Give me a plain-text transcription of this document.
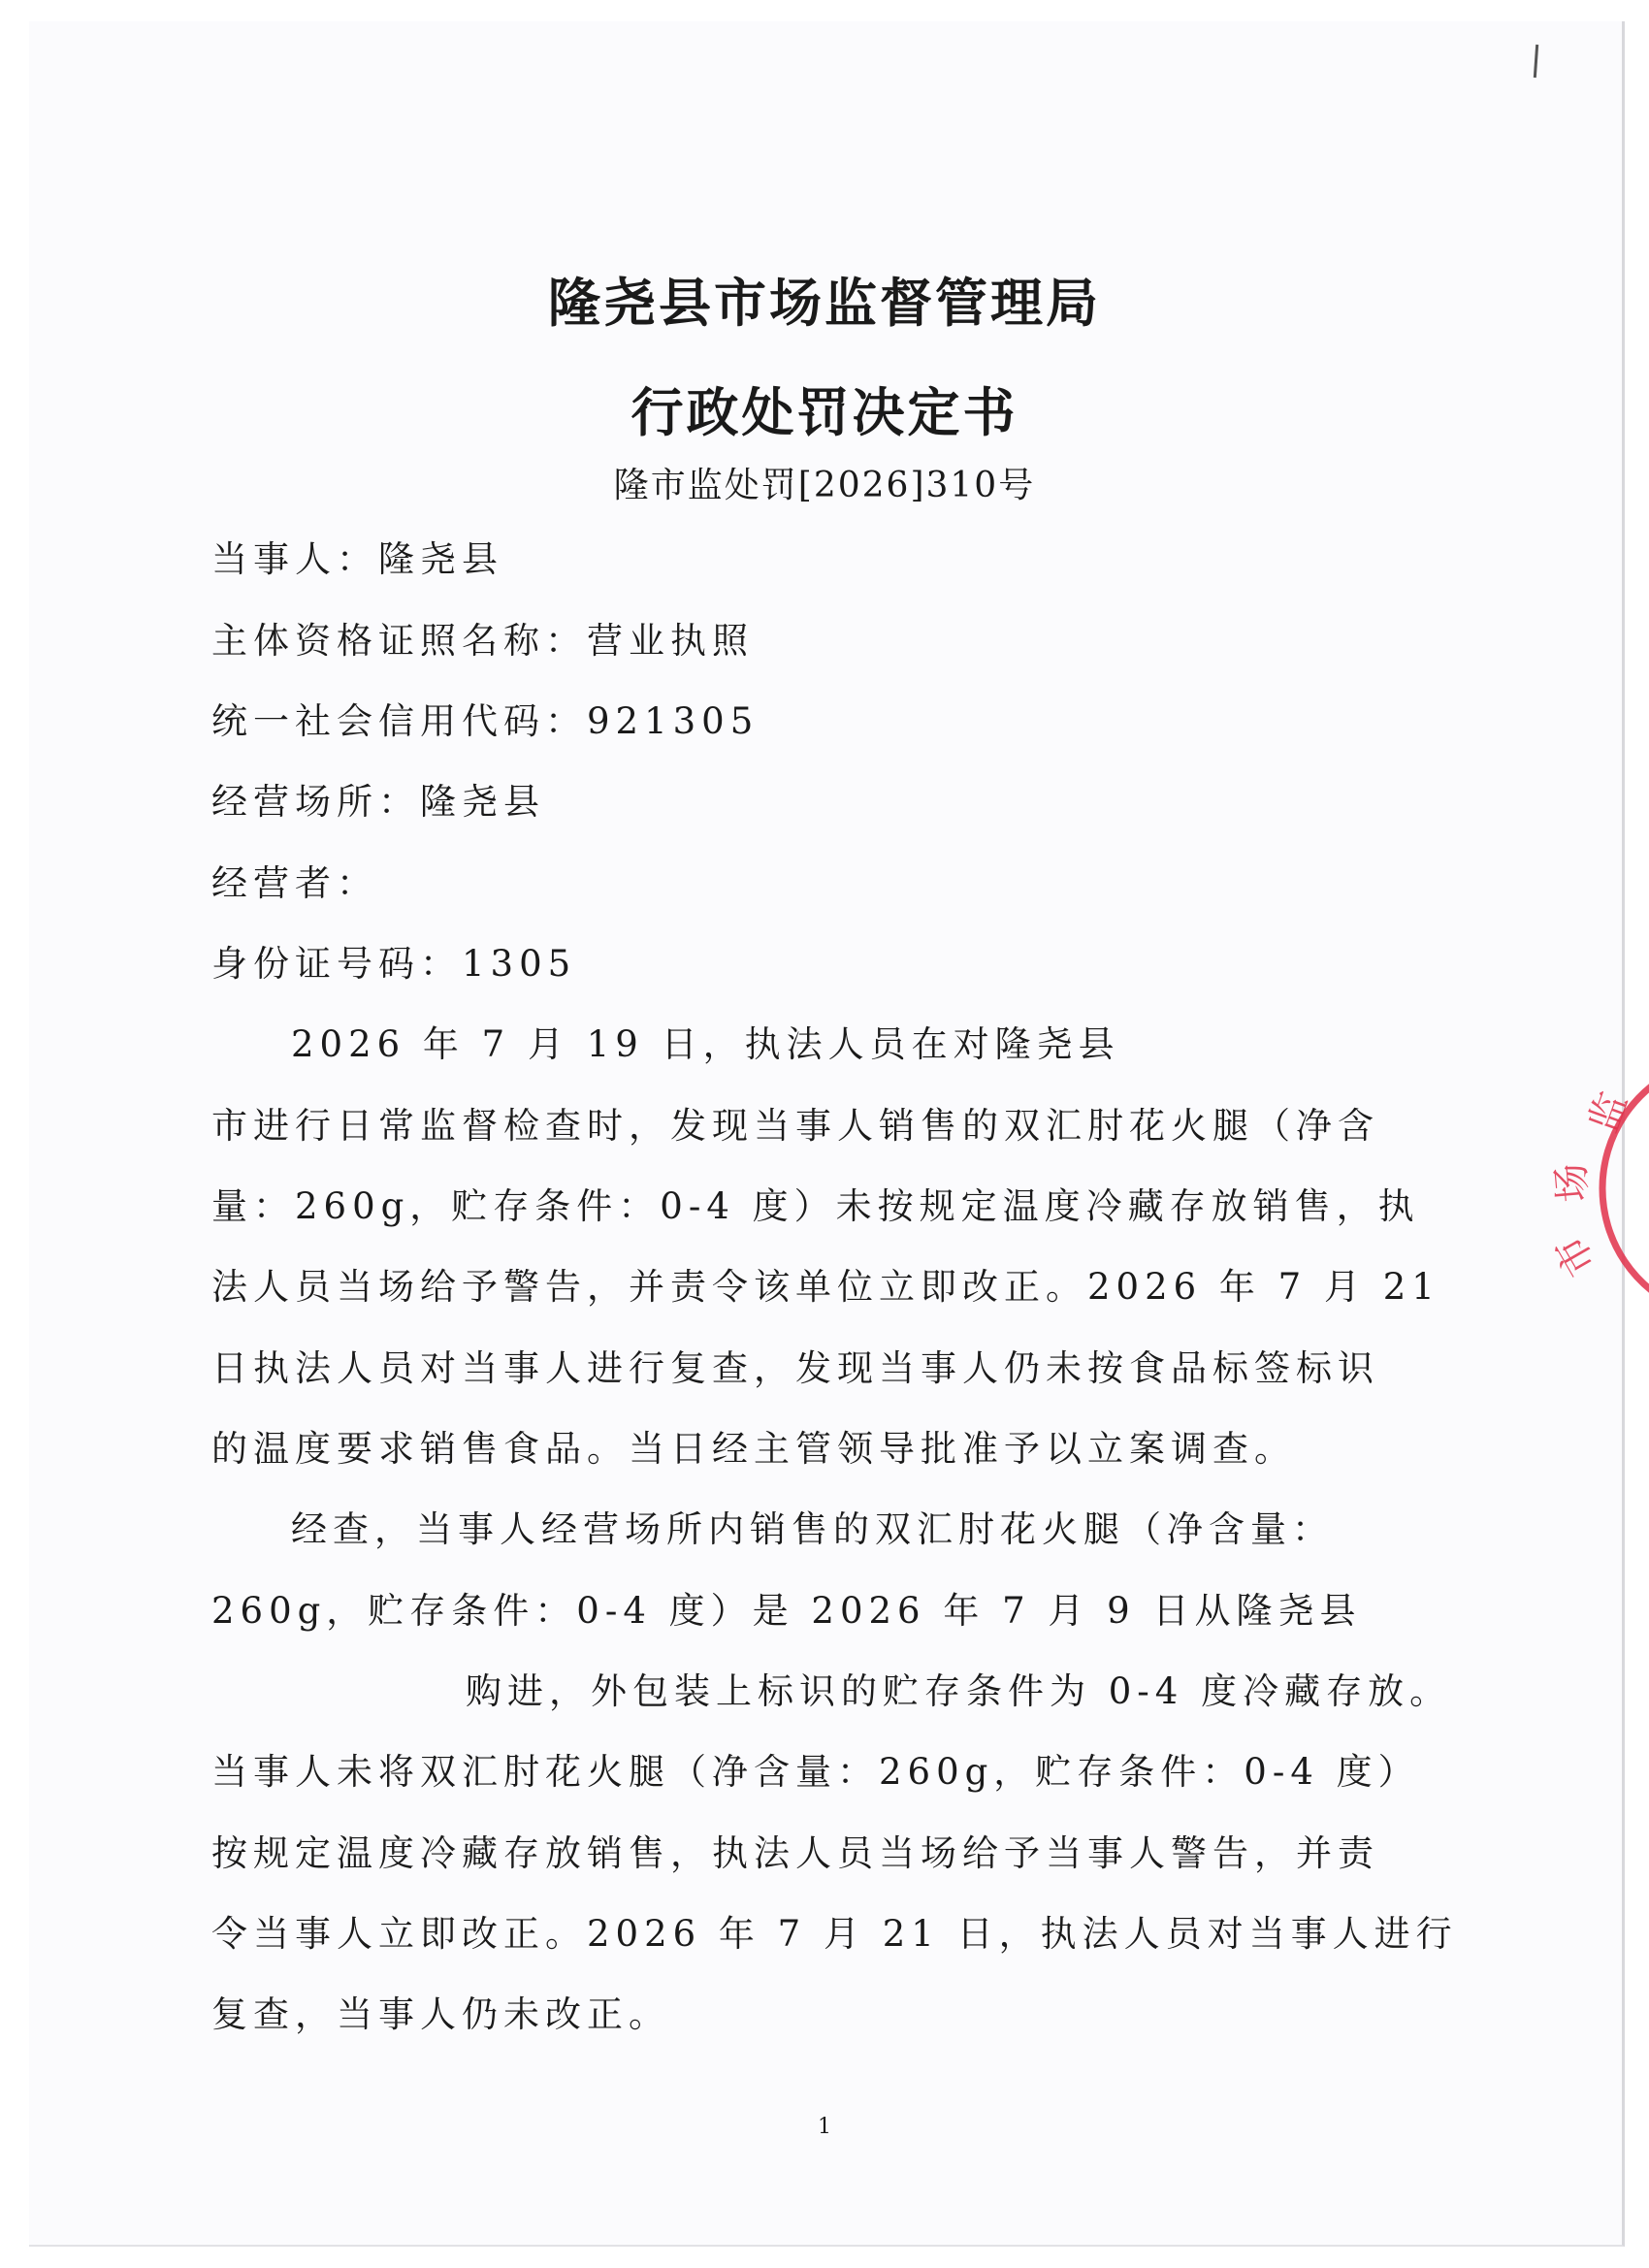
监
场
市
隆尧县市场监督管理局
行政处罚决定书
隆市监处罚[2026]310号
当事人：隆尧县
主体资格证照名称：营业执照
统一社会信用代码：921305
经营场所：隆尧县
经营者：
身份证号码：1305
2026 年 7 月 19 日，执法人员在对隆尧县
市进行日常监督检查时，发现当事人销售的双汇肘花火腿（净含
量：260g，贮存条件：0-4 度）未按规定温度冷藏存放销售，执
法人员当场给予警告，并责令该单位立即改正。2026 年 7 月 21
日执法人员对当事人进行复查，发现当事人仍未按食品标签标识
的温度要求销售食品。当日经主管领导批准予以立案调查。
经查，当事人经营场所内销售的双汇肘花火腿（净含量：
260g，贮存条件：0-4 度）是 2026 年 7 月 9 日从隆尧县
购进，外包装上标识的贮存条件为 0-4 度冷藏存放。
当事人未将双汇肘花火腿（净含量：260g，贮存条件：0-4 度）
按规定温度冷藏存放销售，执法人员当场给予当事人警告，并责
令当事人立即改正。2026 年 7 月 21 日，执法人员对当事人进行
复查，当事人仍未改正。
1
